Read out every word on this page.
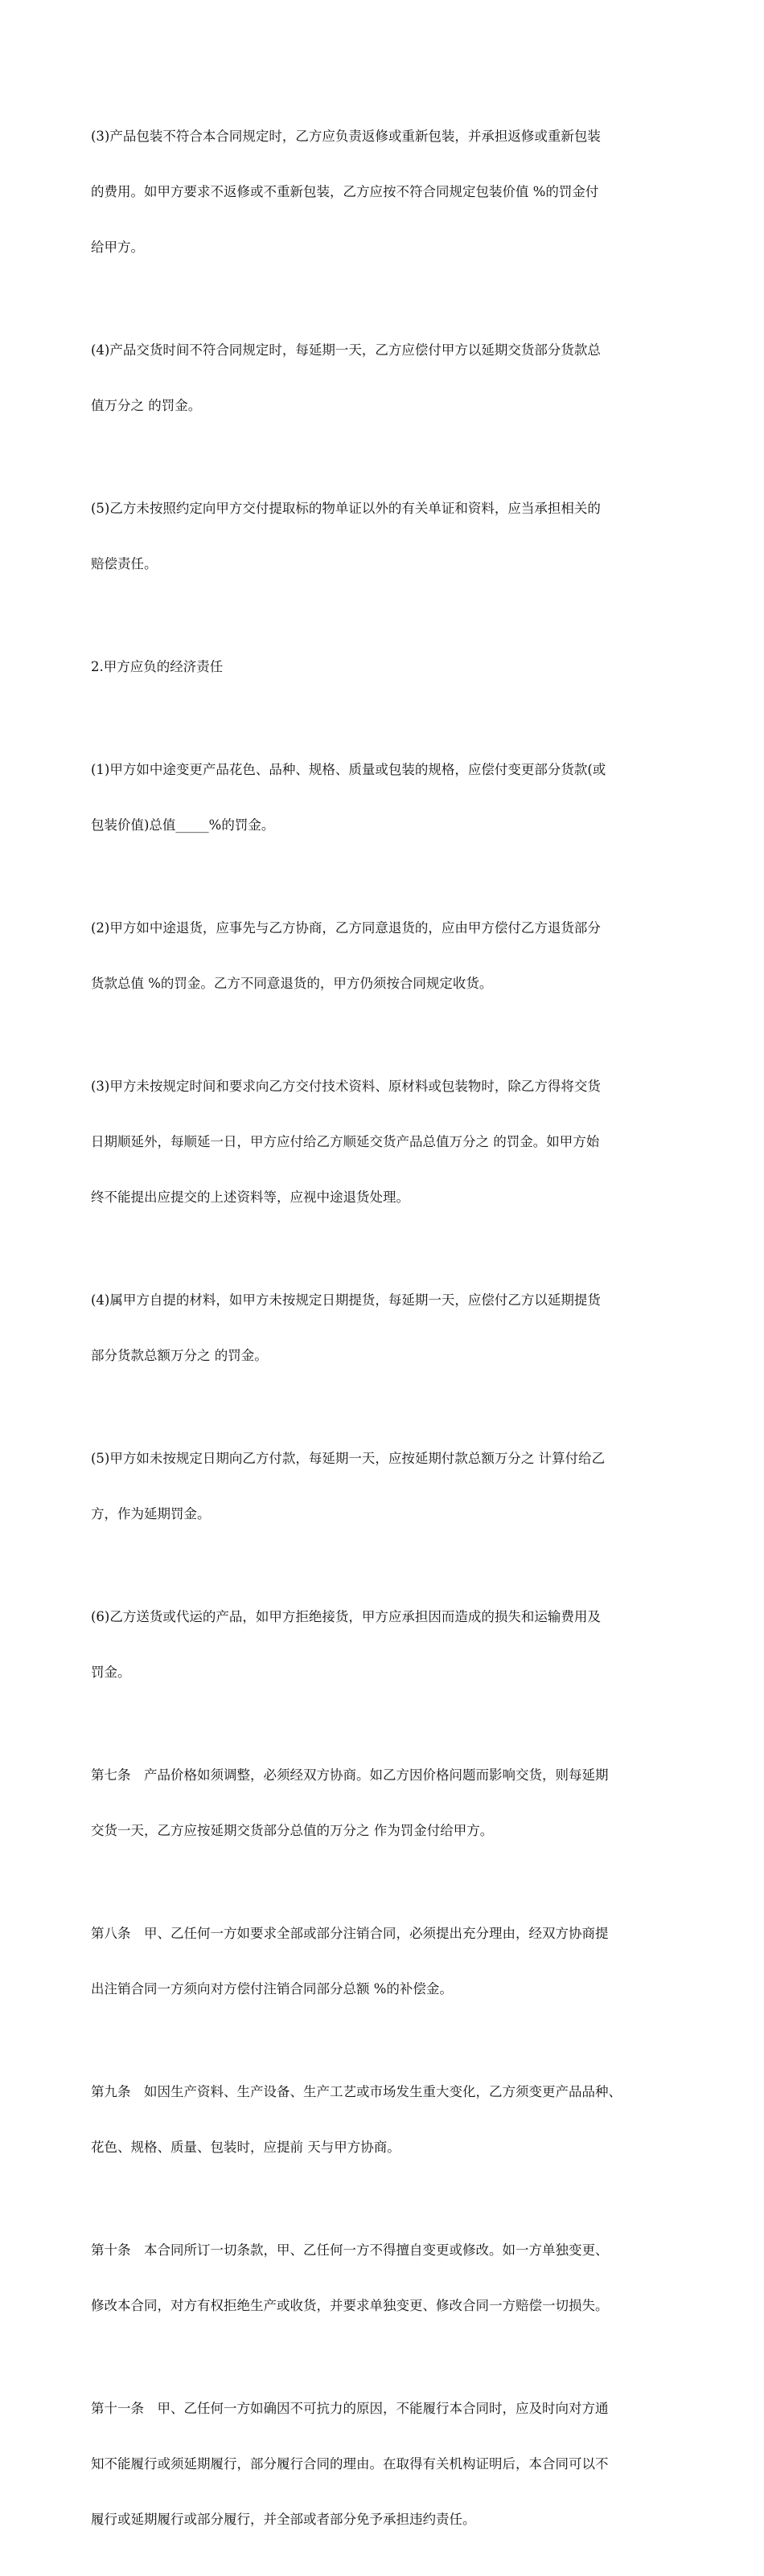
(3)产品包装不符合本合同规定时，乙方应负责返修或重新包装，并承担返修或重新包装

的费用。如甲方要求不返修或不重新包装，乙方应按不符合同规定包装价值 %的罚金付

给甲方。

(4)产品交货时间不符合同规定时，每延期一天，乙方应偿付甲方以延期交货部分货款总

值万分之 的罚金。

(5)乙方未按照约定向甲方交付提取标的物单证以外的有关单证和资料，应当承担相关的

赔偿责任。

2.甲方应负的经济责任

(1)甲方如中途变更产品花色、品种、规格、质量或包装的规格，应偿付变更部分货款(或

包装价值)总值_____%的罚金。

(2)甲方如中途退货，应事先与乙方协商，乙方同意退货的，应由甲方偿付乙方退货部分

货款总值 %的罚金。乙方不同意退货的，甲方仍须按合同规定收货。

(3)甲方未按规定时间和要求向乙方交付技术资料、原材料或包装物时，除乙方得将交货

日期顺延外，每顺延一日，甲方应付给乙方顺延交货产品总值万分之 的罚金。如甲方始

终不能提出应提交的上述资料等，应视中途退货处理。

(4)属甲方自提的材料，如甲方未按规定日期提货，每延期一天，应偿付乙方以延期提货

部分货款总额万分之 的罚金。

(5)甲方如未按规定日期向乙方付款，每延期一天，应按延期付款总额万分之 计算付给乙

方，作为延期罚金。

(6)乙方送货或代运的产品，如甲方拒绝接货，甲方应承担因而造成的损失和运输费用及

罚金。

第七条　产品价格如须调整，必须经双方协商。如乙方因价格问题而影响交货，则每延期

交货一天，乙方应按延期交货部分总值的万分之 作为罚金付给甲方。

第八条　甲、乙任何一方如要求全部或部分注销合同，必须提出充分理由，经双方协商提

出注销合同一方须向对方偿付注销合同部分总额 %的补偿金。

第九条　如因生产资料、生产设备、生产工艺或市场发生重大变化，乙方须变更产品品种、

花色、规格、质量、包装时，应提前 天与甲方协商。

第十条　本合同所订一切条款，甲、乙任何一方不得擅自变更或修改。如一方单独变更、

修改本合同，对方有权拒绝生产或收货，并要求单独变更、修改合同一方赔偿一切损失。

第十一条　甲、乙任何一方如确因不可抗力的原因，不能履行本合同时，应及时向对方通

知不能履行或须延期履行，部分履行合同的理由。在取得有关机构证明后，本合同可以不

履行或延期履行或部分履行，并全部或者部分免予承担违约责任。
